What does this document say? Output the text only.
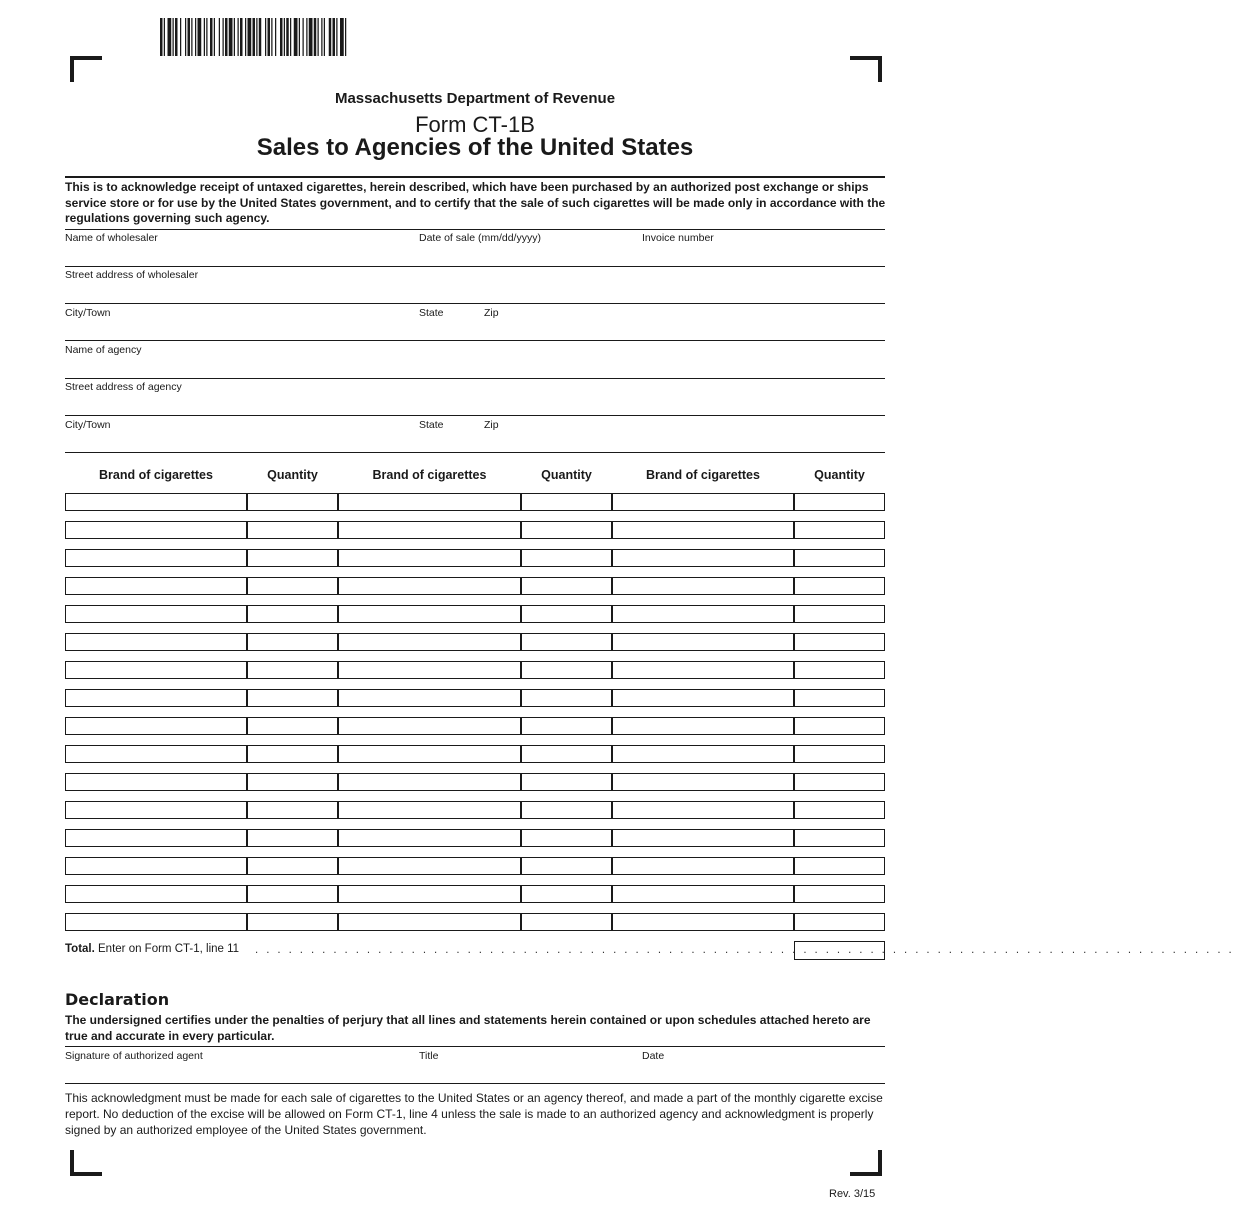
Massachusetts Department of Revenue
Form CT-1B
Sales to Agencies of the United States
This is to acknowledge receipt of untaxed cigarettes, herein described, which have been purchased by an authorized post exchange or ships service store or for use by the United States government, and to certify that the sale of such cigarettes will be made only in accordance with the regulations governing such agency.
Name of wholesaler	Date of sale (mm/dd/yyyy)	Invoice number
Street address of wholesaler
City/Town	State	Zip
Name of agency
Street address of agency
City/Town	State	Zip
Brand of cigarettes	Quantity	Brand of cigarettes	Quantity	Brand of cigarettes	Quantity
Total. Enter on Form CT-1, line 11 . . . . . . . . . . . . . . . . . . . . . . . . . . . . . . . . . . . . . . . . . . . . . . . . . . . . . . . . . . . . . . . . . . . . . . . . . . . . . . . . . . . . . . . .
Declaration
The undersigned certifies under the penalties of perjury that all lines and statements herein contained or upon schedules attached hereto are true and accurate in every particular.
Signature of authorized agent	Title	Date
This acknowledgment must be made for each sale of cigarettes to the United States or an agency thereof, and made a part of the monthly cigarette excise report. No deduction of the excise will be allowed on Form CT-1, line 4 unless the sale is made to an authorized agency and acknowledgment is properly signed by an authorized employee of the United States government.
Rev. 3/15
